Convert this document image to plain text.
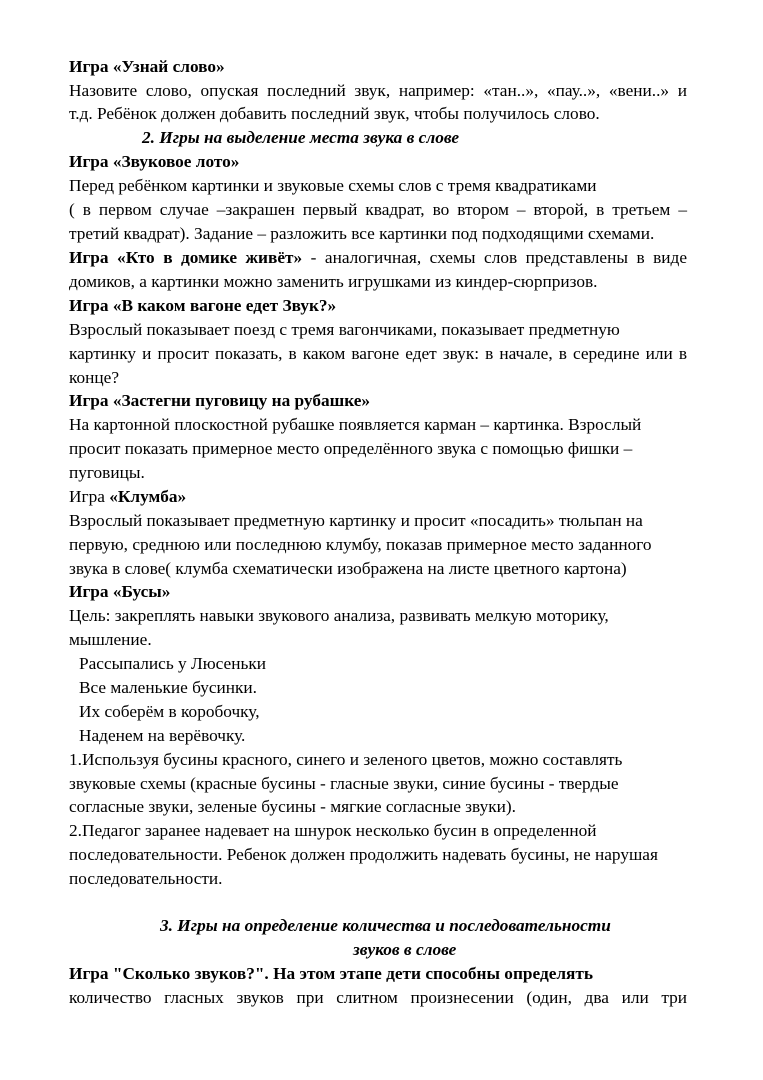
Игра «Узнай слово»
Назовите слово, опуская последний звук, например: «тан..», «пау..», «вени..» и
т.д. Ребёнок должен добавить последний звук, чтобы получилось слово.
2. Игры на выделение места звука в слове
Игра «Звуковое лото»
Перед ребёнком картинки и звуковые схемы слов с тремя квадратиками
( в первом случае –закрашен первый квадрат, во втором – второй, в третьем –
третий квадрат). Задание – разложить все картинки под подходящими схемами.
Игра «Кто в домике живёт» - аналогичная, схемы слов представлены в виде
домиков, а картинки можно заменить игрушками из киндер-сюрпризов.
Игра «В каком вагоне едет Звук?»
Взрослый показывает поезд с тремя вагончиками, показывает предметную
картинку и просит показать, в каком вагоне едет звук: в начале, в середине или в
конце?
Игра «Застегни пуговицу на рубашке»
На картонной плоскостной рубашке появляется карман – картинка. Взрослый
просит показать примерное место определённого звука с помощью фишки –
пуговицы.
Игра «Клумба»
Взрослый показывает предметную картинку и просит «посадить» тюльпан на
первую, среднюю или последнюю клумбу, показав примерное место заданного
звука в слове( клумба схематически изображена на листе цветного картона)
Игра «Бусы»
Цель: закреплять навыки звукового анализа, развивать мелкую моторику,
мышление.
Рассыпались у Люсеньки
Все маленькие бусинки.
Их соберём в коробочку,
Наденем на верёвочку.
1.Используя бусины красного, синего и зеленого цветов, можно составлять
звуковые схемы (красные бусины - гласные звуки, синие бусины - твердые
согласные звуки, зеленые бусины - мягкие согласные звуки).
2.Педагог заранее надевает на шнурок несколько бусин в определенной
последовательности. Ребенок должен продолжить надевать бусины, не нарушая
последовательности.
3. Игры на определение количества и последовательности
звуков в слове
Игра "Сколько звуков?". На этом этапе дети способны определять
количество гласных звуков при слитном произнесении (один, два или три
